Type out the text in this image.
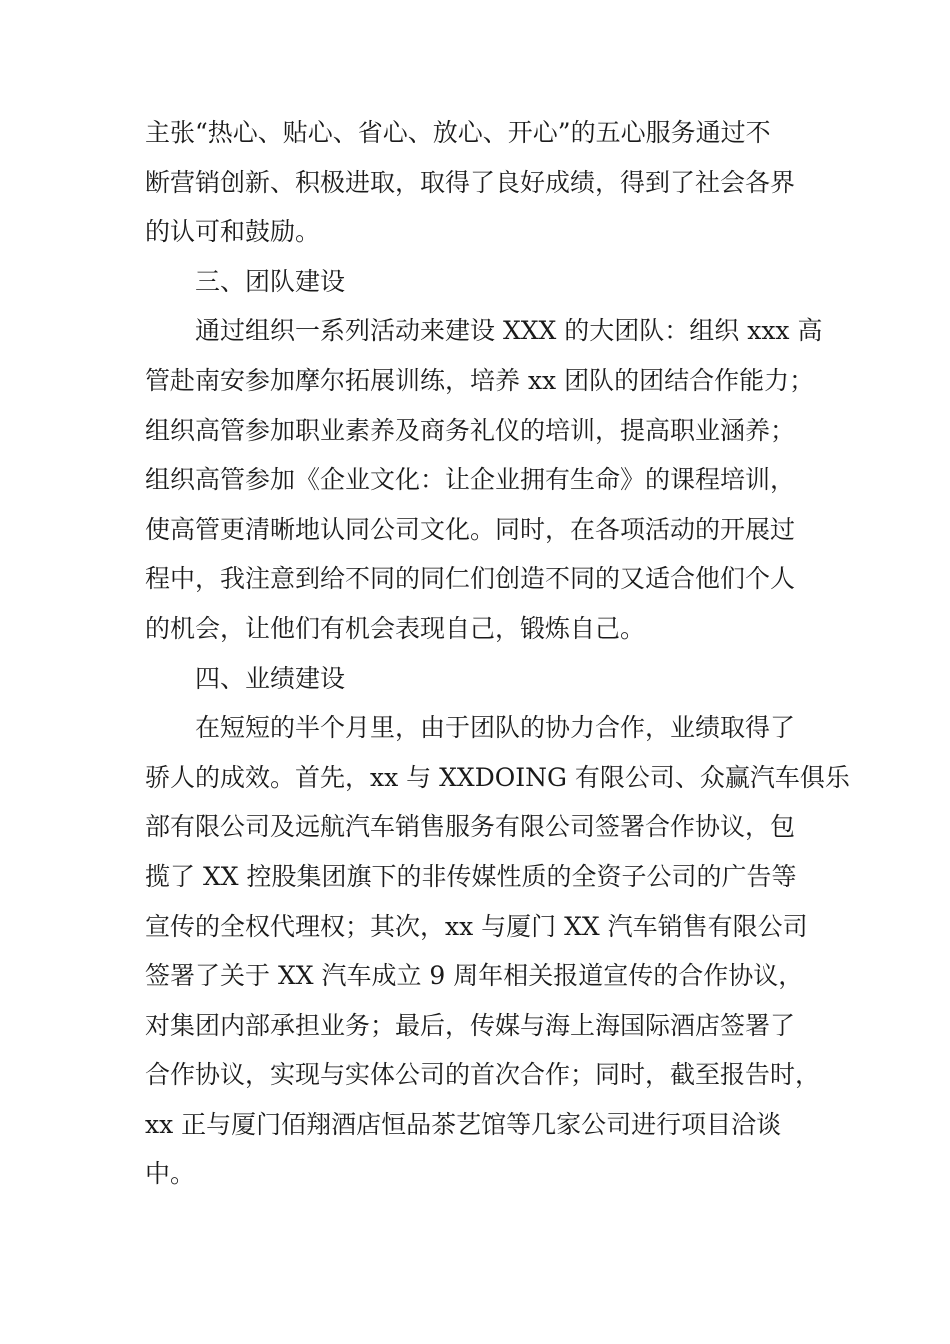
主张“热心、贴心、省心、放心、开心”的五心服务通过不
断营销创新、积极进取，取得了良好成绩，得到了社会各界
的认可和鼓励。
三、团队建设
通过组织一系列活动来建设 XXX 的大团队：组织 xxx 高
管赴南安参加摩尔拓展训练，培养 xx 团队的团结合作能力；
组织高管参加职业素养及商务礼仪的培训，提高职业涵养；
组织高管参加《企业文化：让企业拥有生命》的课程培训，
使高管更清晰地认同公司文化。同时，在各项活动的开展过
程中，我注意到给不同的同仁们创造不同的又适合他们个人
的机会，让他们有机会表现自己，锻炼自己。
四、业绩建设
在短短的半个月里，由于团队的协力合作，业绩取得了
骄人的成效。首先，xx 与 XXDOING 有限公司、众赢汽车俱乐
部有限公司及远航汽车销售服务有限公司签署合作协议，包
揽了 XX 控股集团旗下的非传媒性质的全资子公司的广告等
宣传的全权代理权；其次，xx 与厦门 XX 汽车销售有限公司
签署了关于 XX 汽车成立 9 周年相关报道宣传的合作协议，
对集团内部承担业务；最后，传媒与海上海国际酒店签署了
合作协议，实现与实体公司的首次合作；同时，截至报告时，
xx 正与厦门佰翔酒店恒品茶艺馆等几家公司进行项目洽谈
中。
